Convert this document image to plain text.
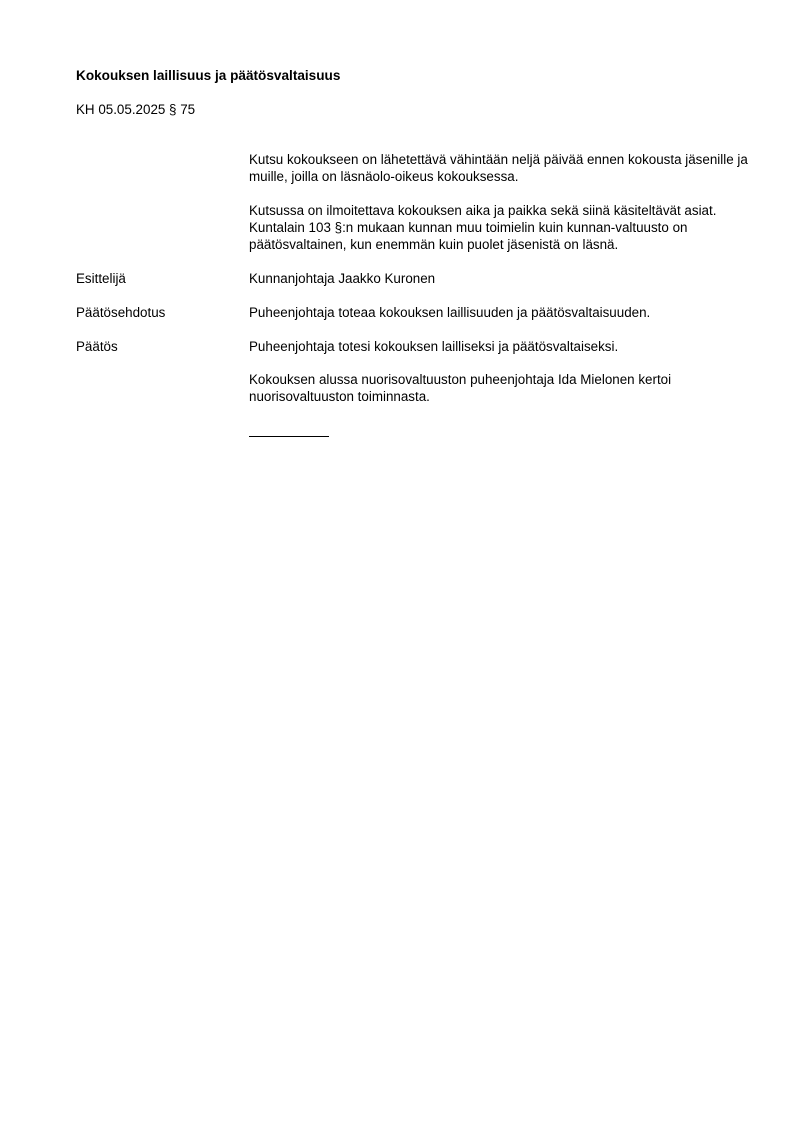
Kokouksen laillisuus ja päätösvaltaisuus

KH 05.05.2025 § 75

Kutsu kokoukseen on lähetettävä vähintään neljä päivää ennen kokousta jäsenille ja muille, joilla on läsnäolo-oikeus kokouksessa.

Kutsussa on ilmoitettava kokouksen aika ja paikka sekä siinä käsiteltävät asiat. Kuntalain 103 §:n mukaan kunnan muu toimielin kuin kunnan-valtuusto on päätösvaltainen, kun enemmän kuin puolet jäsenistä on läsnä.

Esittelijä	Kunnanjohtaja Jaakko Kuronen

Päätösehdotus	Puheenjohtaja toteaa kokouksen laillisuuden ja päätösvaltaisuuden.

Päätös	Puheenjohtaja totesi kokouksen lailliseksi ja päätösvaltaiseksi.

Kokouksen alussa nuorisovaltuuston puheenjohtaja Ida Mielonen kertoi nuorisovaltuuston toiminnasta.
